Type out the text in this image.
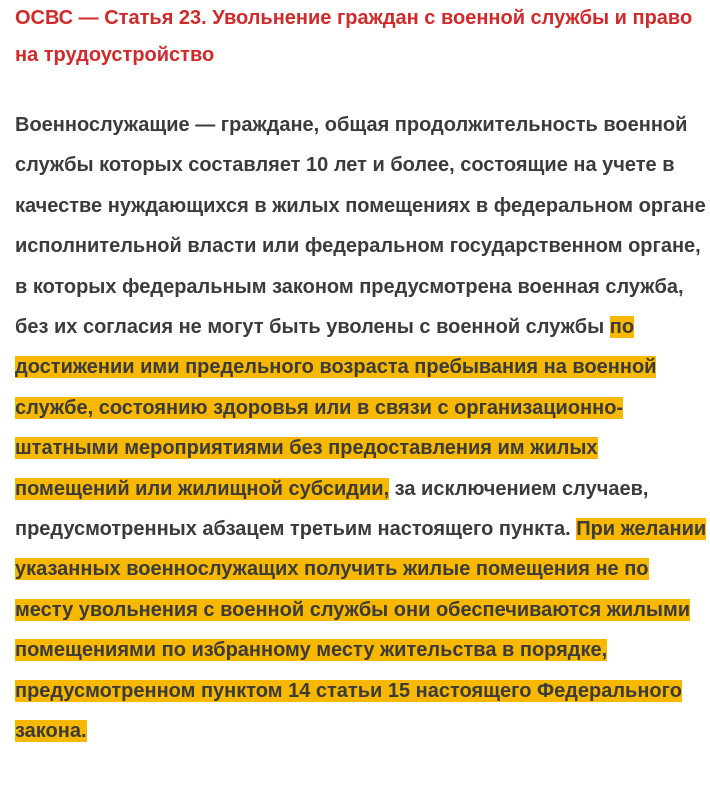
ОСВС — Статья 23. Увольнение граждан с военной службы и право на трудоустройство

Военнослужащие — граждане, общая продолжительность военной службы которых составляет 10 лет и более, состоящие на учете в качестве нуждающихся в жилых помещениях в федеральном органе исполнительной власти или федеральном государственном органе, в которых федеральным законом предусмотрена военная служба, без их согласия не могут быть уволены с военной службы по достижении ими предельного возраста пребывания на военной службе, состоянию здоровья или в связи с организационно-штатными мероприятиями без предоставления им жилых помещений или жилищной субсидии, за исключением случаев, предусмотренных абзацем третьим настоящего пункта. При желании указанных военнослужащих получить жилые помещения не по месту увольнения с военной службы они обеспечиваются жилыми помещениями по избранному месту жительства в порядке, предусмотренном пунктом 14 статьи 15 настоящего Федерального закона.
